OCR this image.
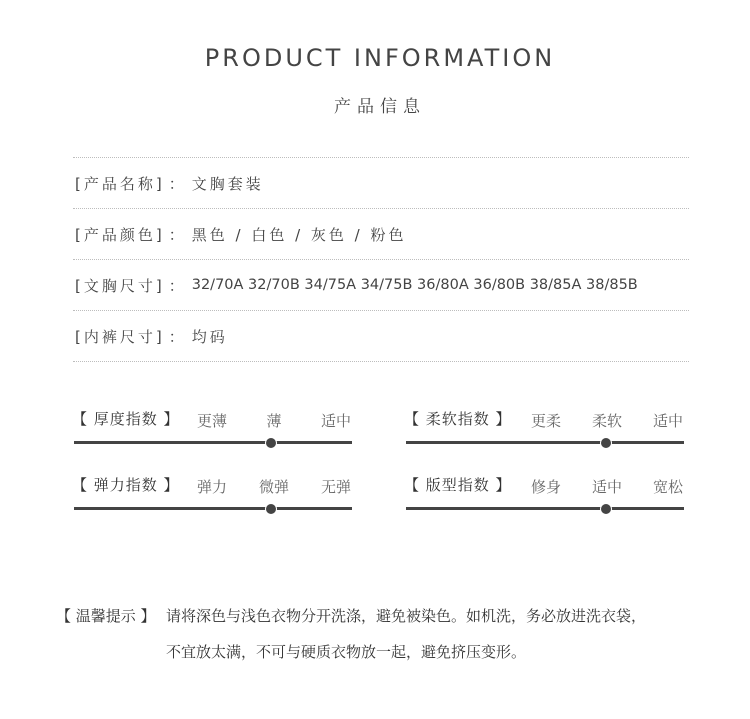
PRODUCT INFORMATION
产品信息
[产品名称] ： 文胸套装
[产品颜色] ： 黑色 / 白色 / 灰色 / 粉色
[文胸尺寸] ： 32/70A 32/70B 34/75A 34/75B 36/80A 36/80B 38/85A 38/85B
[内裤尺寸] ： 均码
【 厚度指数 】 更薄	薄	适中	【 柔软指数 】 更柔 柔软 适中
【 弹力指数 】 弹力 微弹 无弹	【 版型指数 】 修身 适中 宽松
【 温馨提示 】 请将深色与浅色衣物分开洗涤，避免被染色。如机洗，务必放进洗衣袋，
不宜放太满，不可与硬质衣物放一起，避免挤压变形。
